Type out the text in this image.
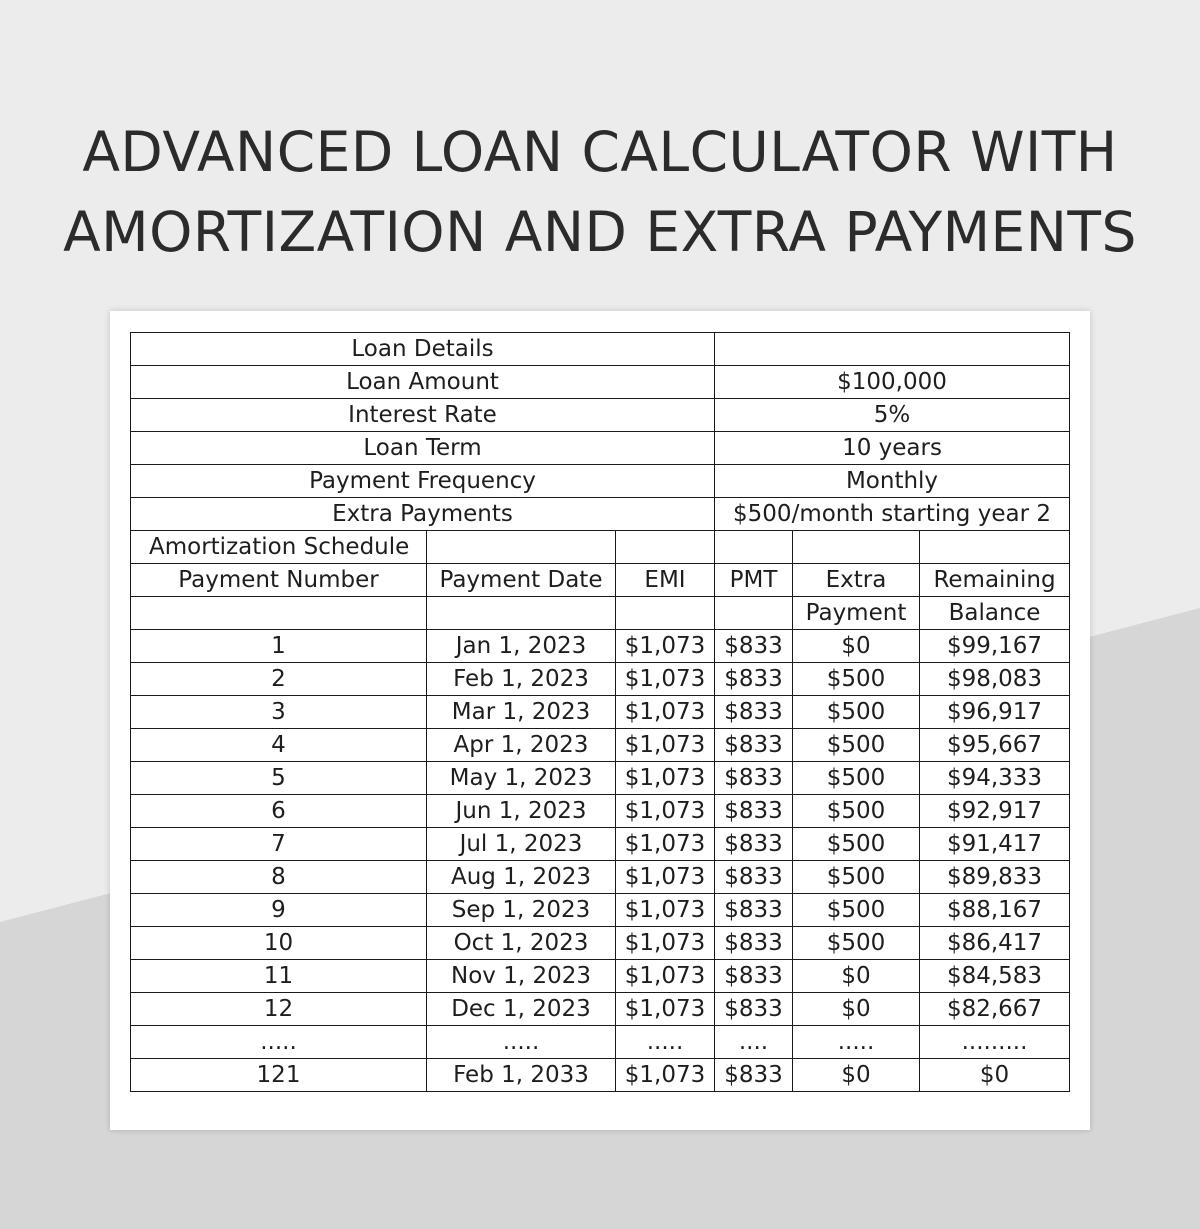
ADVANCED LOAN CALCULATOR WITH
AMORTIZATION AND EXTRA PAYMENTS
Loan Details					
Loan Amount			$100,000		
Interest Rate			5%		
Loan Term			10 years		
Payment Frequency			Monthly		
Extra Payments			$500/month starting year 2		
Amortization Schedule					
Payment Number	Payment Date	EMI	PMT	Extra	Remaining
				Payment	Balance
1	Jan 1, 2023	$1,073	$833	$0	$99,167
2	Feb 1, 2023	$1,073	$833	$500	$98,083
3	Mar 1, 2023	$1,073	$833	$500	$96,917
4	Apr 1, 2023	$1,073	$833	$500	$95,667
5	May 1, 2023	$1,073	$833	$500	$94,333
6	Jun 1, 2023	$1,073	$833	$500	$92,917
7	Jul 1, 2023	$1,073	$833	$500	$91,417
8	Aug 1, 2023	$1,073	$833	$500	$89,833
9	Sep 1, 2023	$1,073	$833	$500	$88,167
10	Oct 1, 2023	$1,073	$833	$500	$86,417
11	Nov 1, 2023	$1,073	$833	$0	$84,583
12	Dec 1, 2023	$1,073	$833	$0	$82,667
.....	.....	.....	....	.....	.........
121	Feb 1, 2033	$1,073	$833	$0	$0
